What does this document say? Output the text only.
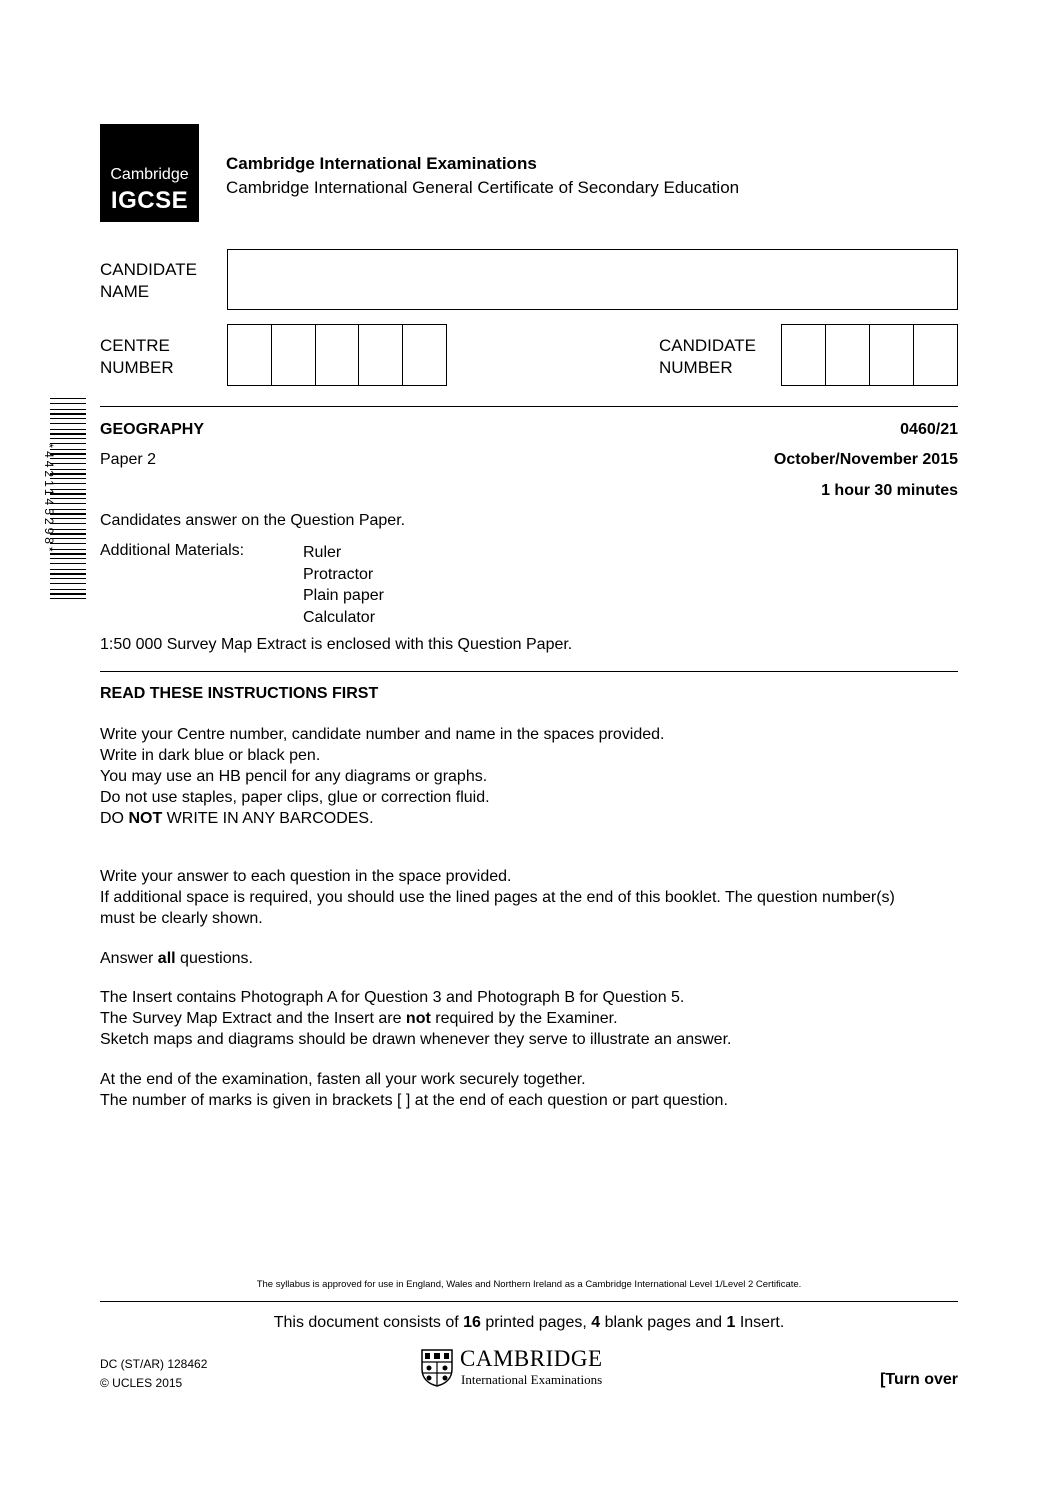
Cambridge
IGCSE
Cambridge International Examinations
Cambridge International General Certificate of Secondary Education
CANDIDATE
NAME
CENTRE
NUMBER
CANDIDATE
NUMBER
*4421145298*
GEOGRAPHY	0460/21
Paper 2	October/November 2015
1 hour 30 minutes
Candidates answer on the Question Paper.
Additional Materials:	Ruler
Protractor
Plain paper
Calculator
1:50 000 Survey Map Extract is enclosed with this Question Paper.
READ THESE INSTRUCTIONS FIRST

Write your Centre number, candidate number and name in the spaces provided.

Write in dark blue or black pen.

You may use an HB pencil for any diagrams or graphs.

Do not use staples, paper clips, glue or correction fluid.

DO NOT WRITE IN ANY BARCODES.

Write your answer to each question in the space provided.

If additional space is required, you should use the lined pages at the end of this booklet. The question number(s)

must be clearly shown.

Answer all questions.

The Insert contains Photograph A for Question 3 and Photograph B for Question 5.

The Survey Map Extract and the Insert are not required by the Examiner.

Sketch maps and diagrams should be drawn whenever they serve to illustrate an answer.

At the end of the examination, fasten all your work securely together.

The number of marks is given in brackets [ ] at the end of each question or part question.

The syllabus is approved for use in England, Wales and Northern Ireland as a Cambridge International Level 1/Level 2 Certificate.
This document consists of 16 printed pages, 4 blank pages and 1 Insert.
DC (ST/AR) 128462
© UCLES 2015
CAMBRIDGE
International Examinations	[Turn over
